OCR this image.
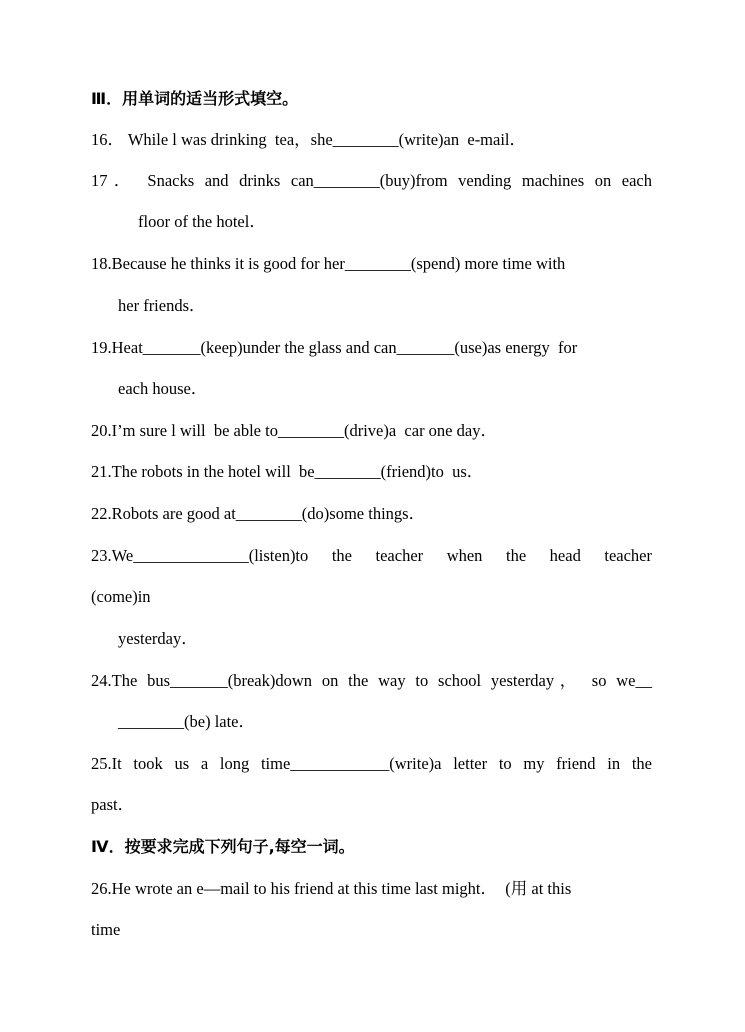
Ⅲ．用单词的适当形式填空。
16． While l was drinking  tea，she________(write)an  e-mail．
17． Snacks and drinks can________(buy)from vending machines on each
floor of the hotel．
18.Because he thinks it is good for her________(spend) more time with
her friends．
19.Heat_______(keep)under the glass and can_______(use)as energy  for
each house．
20.I’m sure l will  be able to________(drive)a  car one day．
21.The robots in the hotel will  be________(friend)to  us．
22.Robots are good at________(do)some things．
23.We______________(listen)to the teacher when the head teacher
(come)in
yesterday．
24.The bus_______(break)down on the way to school yesterday， so we__
________(be) late．
25.It took us a long time____________(write)a letter to my friend in the
past．
Ⅳ．按要求完成下列句子,每空一词。
26.He wrote an e—mail to his friend at this time last might．  (用 at this
time
